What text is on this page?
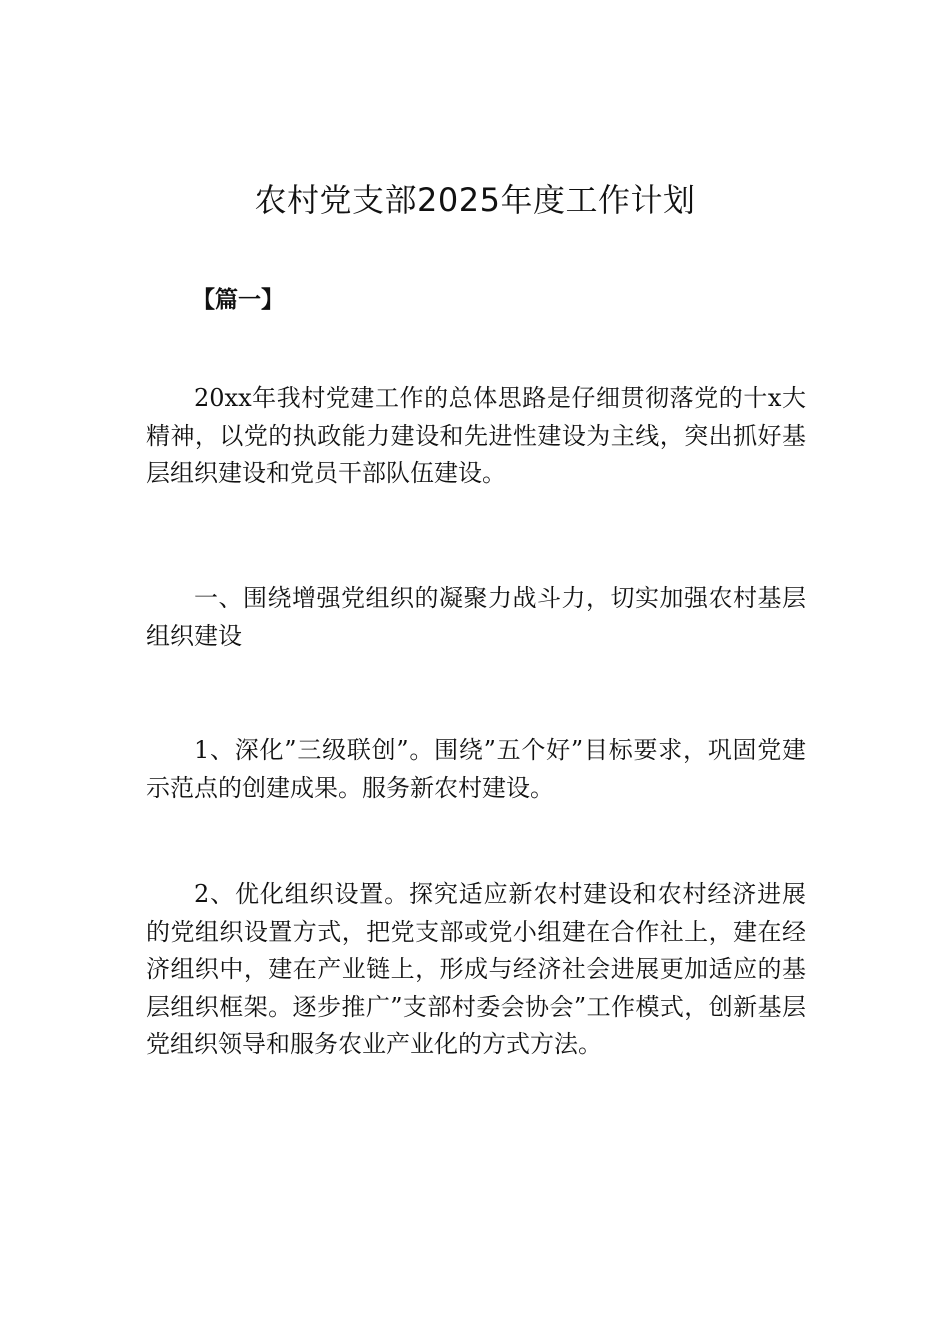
农村党支部2025年度工作计划
【篇一】

20xx年我村党建工作的总体思路是仔细贯彻落党的十x大精神，以党的执政能力建设和先进性建设为主线，突出抓好基层组织建设和党员干部队伍建设。

一、围绕增强党组织的凝聚力战斗力，切实加强农村基层组织建设

1、深化”三级联创”。围绕”五个好”目标要求，巩固党建示范点的创建成果。服务新农村建设。

2、优化组织设置。探究适应新农村建设和农村经济进展的党组织设置方式，把党支部或党小组建在合作社上，建在经济组织中，建在产业链上，形成与经济社会进展更加适应的基层组织框架。逐步推广”支部村委会协会”工作模式，创新基层党组织领导和服务农业产业化的方式方法。
